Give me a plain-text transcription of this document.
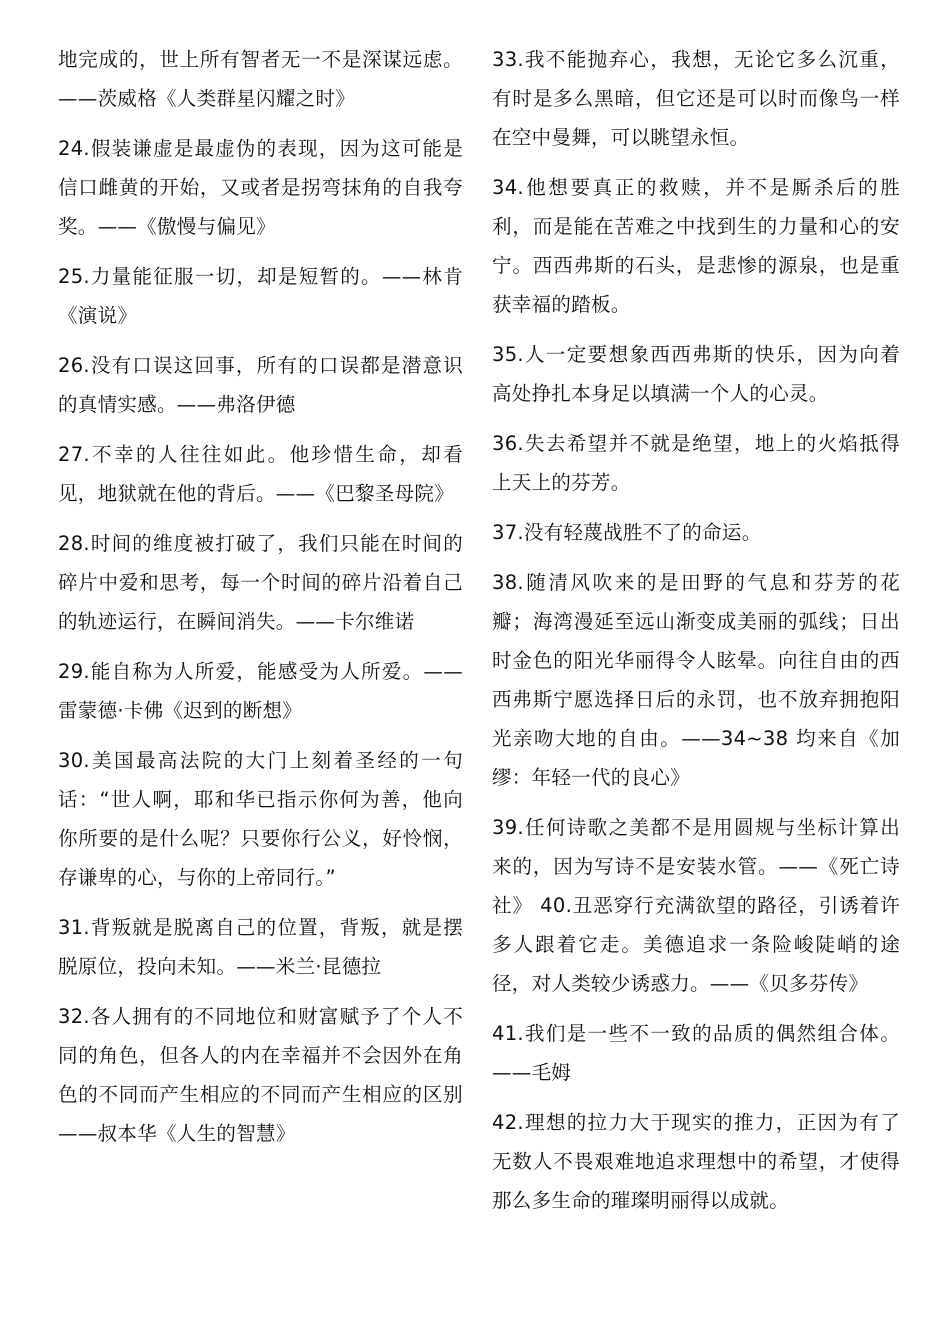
地完成的，世上所有智者无一不是深谋远虑。——茨威格《人类群星闪耀之时》

24.假装谦虚是最虚伪的表现，因为这可能是信口雌黄的开始，又或者是拐弯抹角的自我夸奖。——《傲慢与偏见》

25.力量能征服一切，却是短暂的。——林肯《演说》

26.没有口误这回事，所有的口误都是潜意识的真情实感。——弗洛伊德

27.不幸的人往往如此。他珍惜生命，却看见，地狱就在他的背后。——《巴黎圣母院》

28.时间的维度被打破了，我们只能在时间的碎片中爱和思考，每一个时间的碎片沿着自己的轨迹运行，在瞬间消失。——卡尔维诺

29.能自称为人所爱，能感受为人所爱。——雷蒙德·卡佛《迟到的断想》

30.美国最高法院的大门上刻着圣经的一句话：“世人啊，耶和华已指示你何为善，他向你所要的是什么呢？只要你行公义，好怜悯，存谦卑的心，与你的上帝同行。”

31.背叛就是脱离自己的位置，背叛，就是摆脱原位，投向未知。——米兰·昆德拉

32.各人拥有的不同地位和财富赋予了个人不同的角色，但各人的内在幸福并不会因外在角色的不同而产生相应的不同而产生相应的区别——叔本华《人生的智慧》

33.我不能抛弃心，我想，无论它多么沉重，有时是多么黑暗，但它还是可以时而像鸟一样在空中曼舞，可以眺望永恒。

34.他想要真正的救赎，并不是厮杀后的胜利，而是能在苦难之中找到生的力量和心的安宁。西西弗斯的石头，是悲惨的源泉，也是重获幸福的踏板。

35.人一定要想象西西弗斯的快乐，因为向着高处挣扎本身足以填满一个人的心灵。

36.失去希望并不就是绝望，地上的火焰抵得上天上的芬芳。

37.没有轻蔑战胜不了的命运。

38.随清风吹来的是田野的气息和芬芳的花瓣；海湾漫延至远山渐变成美丽的弧线；日出时金色的阳光华丽得令人眩晕。向往自由的西西弗斯宁愿选择日后的永罚，也不放弃拥抱阳光亲吻大地的自由。——34~38 均来自《加缪：年轻一代的良心》

39.任何诗歌之美都不是用圆规与坐标计算出来的，因为写诗不是安装水管。——《死亡诗社》 40.丑恶穿行充满欲望的路径，引诱着许多人跟着它走。美德追求一条险峻陡峭的途径，对人类较少诱惑力。——《贝多芬传》

41.我们是一些不一致的品质的偶然组合体。——毛姆

42.理想的拉力大于现实的推力，正因为有了无数人不畏艰难地追求理想中的希望，才使得那么多生命的璀璨明丽得以成就。
